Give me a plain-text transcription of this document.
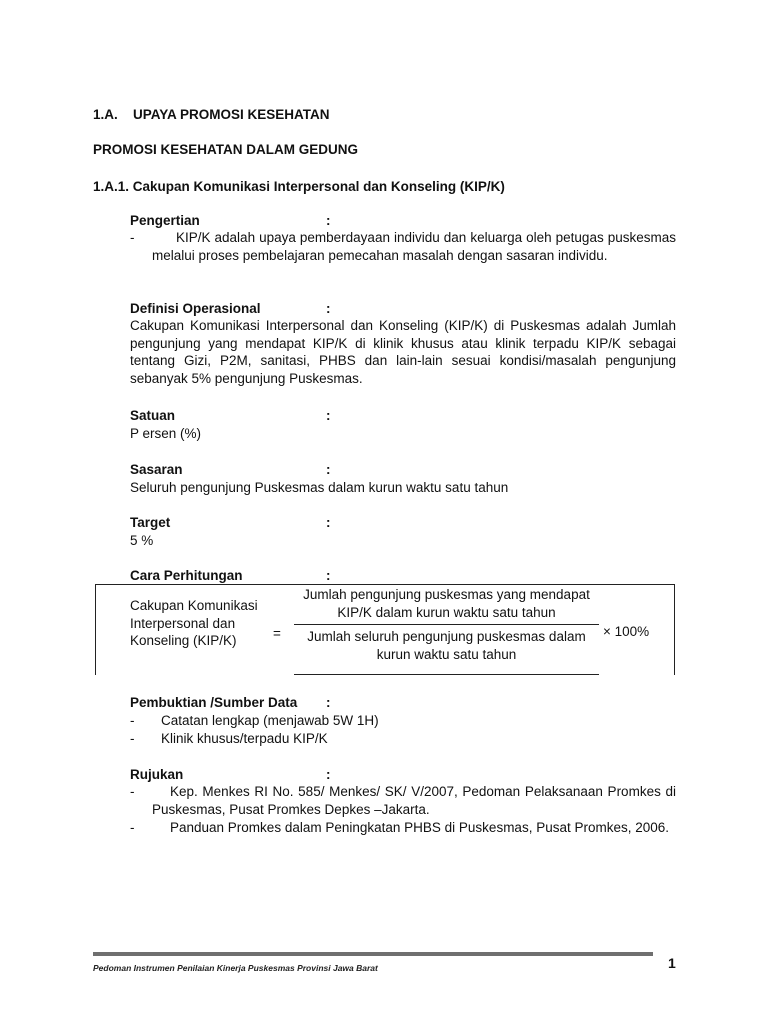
1.A. UPAYA PROMOSI KESEHATAN
PROMOSI KESEHATAN DALAM GEDUNG
1.A.1. Cakupan Komunikasi Interpersonal dan Konseling (KIP/K)
Pengertian	:
-	KIP/K adalah upaya pemberdayaan individu dan keluarga oleh petugas puskesmas melalui proses pembelajaran pemecahan masalah dengan sasaran individu.
Definisi Operasional	:
Cakupan Komunikasi Interpersonal dan Konseling (KIP/K) di Puskesmas adalah Jumlah pengunjung yang mendapat KIP/K di klinik khusus atau klinik terpadu KIP/K sebagai tentang Gizi, P2M, sanitasi, PHBS dan lain-lain sesuai kondisi/masalah pengunjung sebanyak 5% pengunjung Puskesmas.
Satuan	:
P ersen (%)
Sasaran	:
Seluruh pengunjung Puskesmas dalam kurun waktu satu tahun
Target	:
5 %
Cara Perhitungan	:
Cakupan Komunikasi Interpersonal dan Konseling (KIP/K)	=
Jumlah pengunjung puskesmas yang mendapat KIP/K dalam kurun waktu satu tahun
Jumlah seluruh pengunjung puskesmas dalam kurun waktu satu tahun
× 100%
Pembuktian /Sumber Data :
-	Catatan lengkap (menjawab 5W 1H)
-	Klinik khusus/terpadu KIP/K
Rujukan	:
-	Kep. Menkes RI No. 585/ Menkes/ SK/ V/2007, Pedoman Pelaksanaan Promkes di Puskesmas, Pusat Promkes Depkes –Jakarta.
-	Panduan Promkes dalam Peningkatan PHBS di Puskesmas, Pusat Promkes, 2006.
Pedoman Instrumen Penilaian Kinerja Puskesmas Provinsi Jawa Barat	1
